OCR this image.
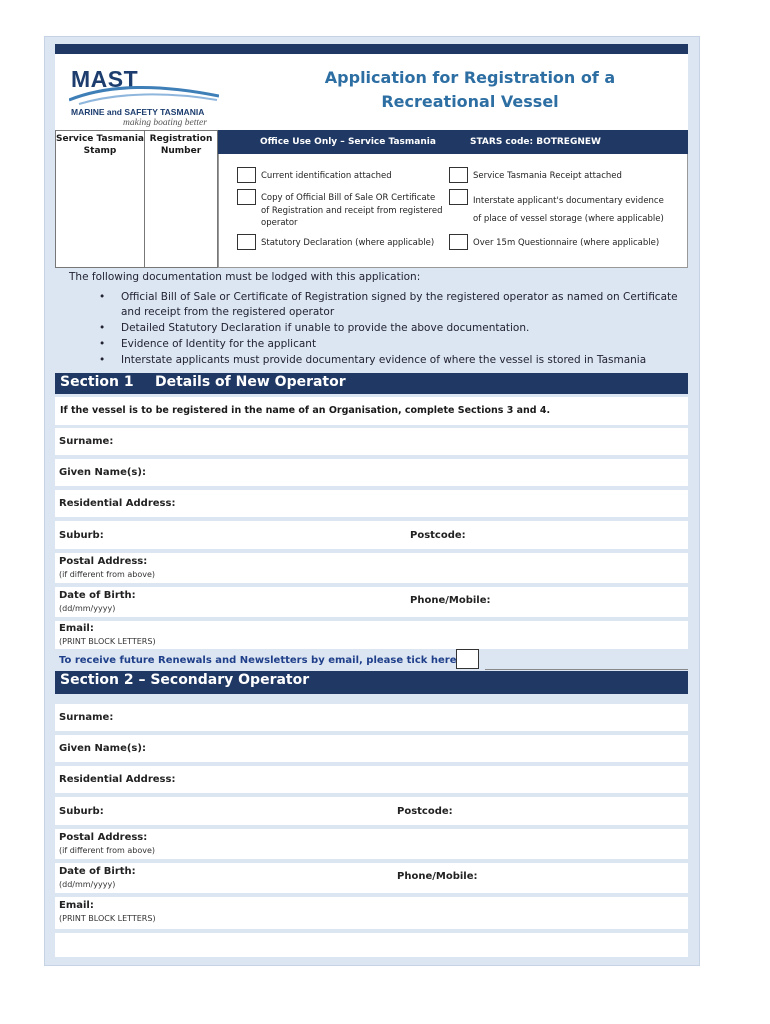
MAST
MARINE and SAFETY TASMANIA
making boating better
Application for Registration of a
Recreational Vessel
Service Tasmania
Stamp
Registration
Number
Office Use Only – Service Tasmania	STARS code: BOTREGNEW
Current identification attached
Copy of Official Bill of Sale OR Certificate
of Registration and receipt from registered
operator
Statutory Declaration (where applicable)
Service Tasmania Receipt attached
Interstate applicant's documentary evidence
of place of vessel storage (where applicable)
Over 15m Questionnaire (where applicable)
The following documentation must be lodged with this application:
• Official Bill of Sale or Certificate of Registration signed by the registered operator as named on Certificate and receipt from the registered operator
• Detailed Statutory Declaration if unable to provide the above documentation.
• Evidence of Identity for the applicant
• Interstate applicants must provide documentary evidence of where the vessel is stored in Tasmania
Section 1 Details of New Operator
If the vessel is to be registered in the name of an Organisation, complete Sections 3 and 4.
Surname:
Given Name(s):
Residential Address:
Suburb:	Postcode:
Postal Address:
(if different from above)
Date of Birth:
(dd/mm/yyyy)
Phone/Mobile:
Email:
(PRINT BLOCK LETTERS)
To receive future Renewals and Newsletters by email, please tick here
Section 2 – Secondary Operator
Surname:
Given Name(s):
Residential Address:
Suburb:	Postcode:
Postal Address:
(if different from above)
Date of Birth:
(dd/mm/yyyy)
Phone/Mobile:
Email:
(PRINT BLOCK LETTERS)
